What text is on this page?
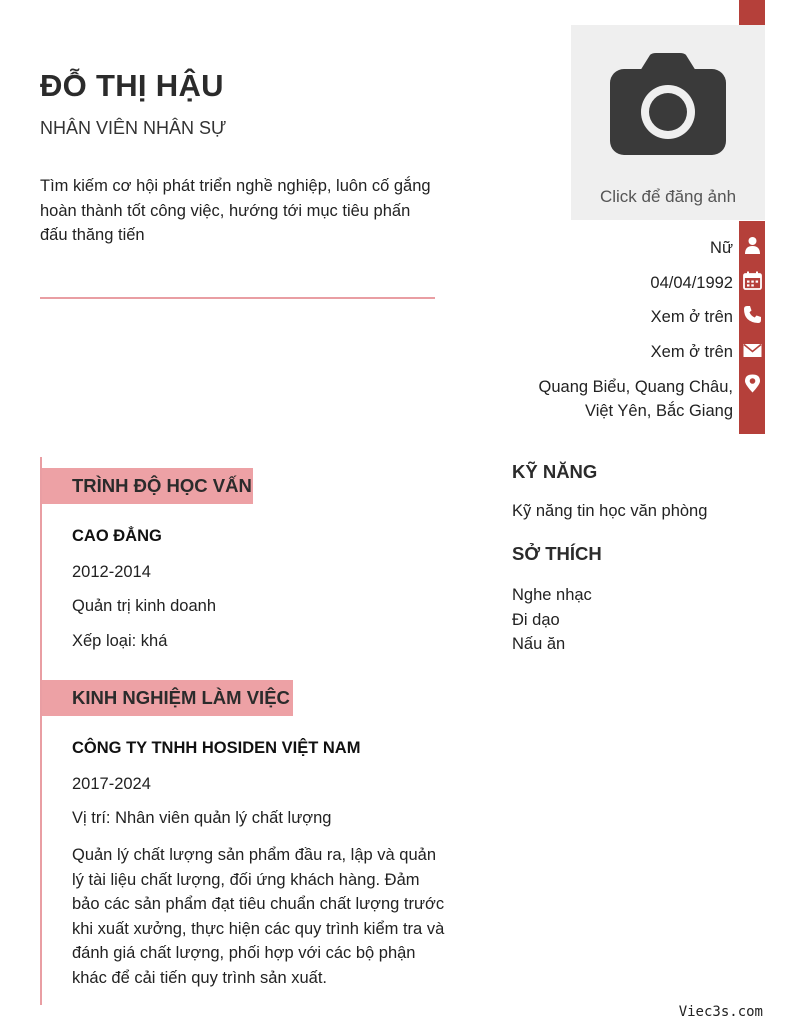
ĐỖ THỊ HẬU
NHÂN VIÊN NHÂN SỰ
Tìm kiếm cơ hội phát triển nghề nghiệp, luôn cố gắng hoàn thành tốt công việc, hướng tới mục tiêu phấn đấu thăng tiến
Click để đăng ảnh
Nữ
04/04/1992
Xem ở trên
Xem ở trên
Quang Biểu, Quang Châu,
Việt Yên, Bắc Giang
TRÌNH ĐỘ HỌC VẤN
CAO ĐẲNG
2012-2014
Quản trị kinh doanh
Xếp loại: khá
KINH NGHIỆM LÀM VIỆC
CÔNG TY TNHH HOSIDEN VIỆT NAM
2017-2024
Vị trí: Nhân viên quản lý chất lượng
Quản lý chất lượng sản phẩm đầu ra, lập và quản lý tài liệu chất lượng, đối ứng khách hàng. Đảm bảo các sản phẩm đạt tiêu chuẩn chất lượng trước khi xuất xưởng, thực hiện các quy trình kiểm tra và đánh giá chất lượng, phối hợp với các bộ phận khác để cải tiến quy trình sản xuất.
KỸ NĂNG
Kỹ năng tin học văn phòng
SỞ THÍCH
Nghe nhạc
Đi dạo
Nấu ăn
Viec3s.com
